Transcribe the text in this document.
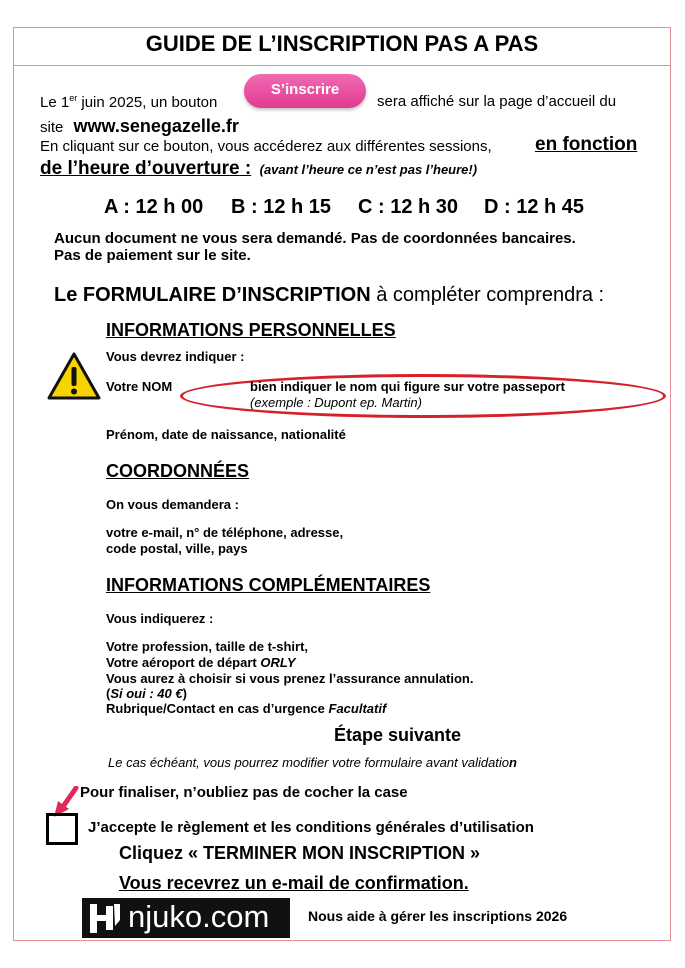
GUIDE DE L’INSCRIPTION PAS A PAS
Le 1er juin 2025, un bouton
S’inscrire
sera affiché sur la page d’accueil du
site www.senegazelle.fr
En cliquant sur ce bouton, vous accéderez aux différentes sessions, en fonction
de l’heure d’ouverture : (avant l’heure ce n’est pas l’heure!)
A : 12 h 00 B : 12 h 15 C : 12 h 30 D : 12 h 45
Aucun document ne vous sera demandé. Pas de coordonnées bancaires.
Pas de paiement sur le site.
Le FORMULAIRE D’INSCRIPTION à compléter comprendra :
INFORMATIONS PERSONNELLES
Vous devrez indiquer :
Votre NOM	bien indiquer le nom qui figure sur votre passeport
(exemple : Dupont ep. Martin)
Prénom, date de naissance, nationalité
COORDONNÉES
On vous demandera :
votre e-mail, n° de téléphone, adresse,
code postal, ville, pays
INFORMATIONS COMPLÉMENTAIRES
Vous indiquerez :
Votre profession, taille de t-shirt,
Votre aéroport de départ ORLY
Vous aurez à choisir si vous prenez l’assurance annulation.
(Si oui : 40 €)
Rubrique/Contact en cas d’urgence Facultatif
Étape suivante
Le cas échéant, vous pourrez modifier votre formulaire avant validation
Pour finaliser, n’oubliez pas de cocher la case
J’accepte le règlement et les conditions générales d’utilisation
Cliquez « TERMINER MON INSCRIPTION »
Vous recevrez un e-mail de confirmation.
njuko.com	Nous aide à gérer les inscriptions 2026
